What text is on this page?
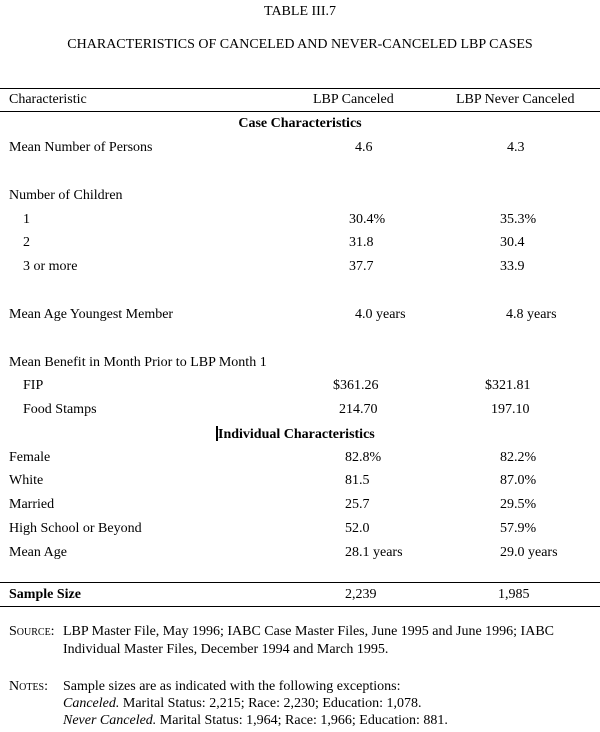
TABLE III.7
CHARACTERISTICS OF CANCELED AND NEVER-CANCELED LBP CASES
Characteristic	LBP Canceled	LBP Never Canceled
Case Characteristics
Mean Number of Persons	4.6	4.3
Number of Children
1	30.4%	35.3%
2	31.8	30.4
3 or more	37.7	33.9
Mean Age Youngest Member	4.0 years	4.8 years
Mean Benefit in Month Prior to LBP Month 1
FIP	$361.26	$321.81
Food Stamps	214.70	197.10
Individual Characteristics
Female	82.8%	82.2%
White	81.5	87.0%
Married	25.7	29.5%
High School or Beyond	52.0	57.9%
Mean Age	28.1 years	29.0 years
Sample Size	2,239	1,985
Source: LBP Master File, May 1996; IABC Case Master Files, June 1995 and June 1996; IABC
Individual Master Files, December 1994 and March 1995.
Notes: Sample sizes are as indicated with the following exceptions:
Canceled. Marital Status: 2,215; Race: 2,230; Education: 1,078.
Never Canceled. Marital Status: 1,964; Race: 1,966; Education: 881.
